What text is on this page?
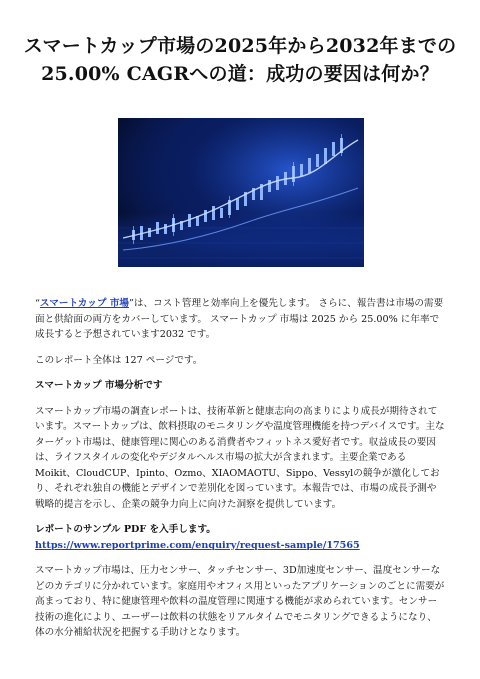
スマートカップ市場の2025年から2032年までの
25.00% CAGRへの道：成功の要因は何か？

“スマートカップ 市場”は、コスト管理と効率向上を優先します。 さらに、報告書は市場の需要面と供給面の両方をカバーしています。 スマートカップ 市場は 2025 から 25.00% に年率で成長すると予想されています2032 です。

このレポート全体は 127 ページです。

スマートカップ 市場分析です

スマートカップ市場の調査レポートは、技術革新と健康志向の高まりにより成長が期待されています。スマートカップは、飲料摂取のモニタリングや温度管理機能を持つデバイスです。主なターゲット市場は、健康管理に関心のある消費者やフィットネス愛好者です。収益成長の要因は、ライフスタイルの変化やデジタルヘルス市場の拡大が含まれます。主要企業であるMoikit、CloudCUP、Ipinto、Ozmo、XIAOMAOTU、Sippo、Vessylの競争が激化しており、それぞれ独自の機能とデザインで差別化を図っています。本報告では、市場の成長予測や戦略的提言を示し、企業の競争力向上に向けた洞察を提供しています。

レポートのサンプル PDF を入手します。 https://www.reportprime.com/enquiry/request-sample/17565

スマートカップ市場は、圧力センサー、タッチセンサー、3D加速度センサー、温度センサーなどのカテゴリに分かれています。家庭用やオフィス用といったアプリケーションのごとに需要が高まっており、特に健康管理や飲料の温度管理に関連する機能が求められています。センサー技術の進化により、ユーザーは飲料の状態をリアルタイムでモニタリングできるようになり、体の水分補給状況を把握する手助けとなります。
